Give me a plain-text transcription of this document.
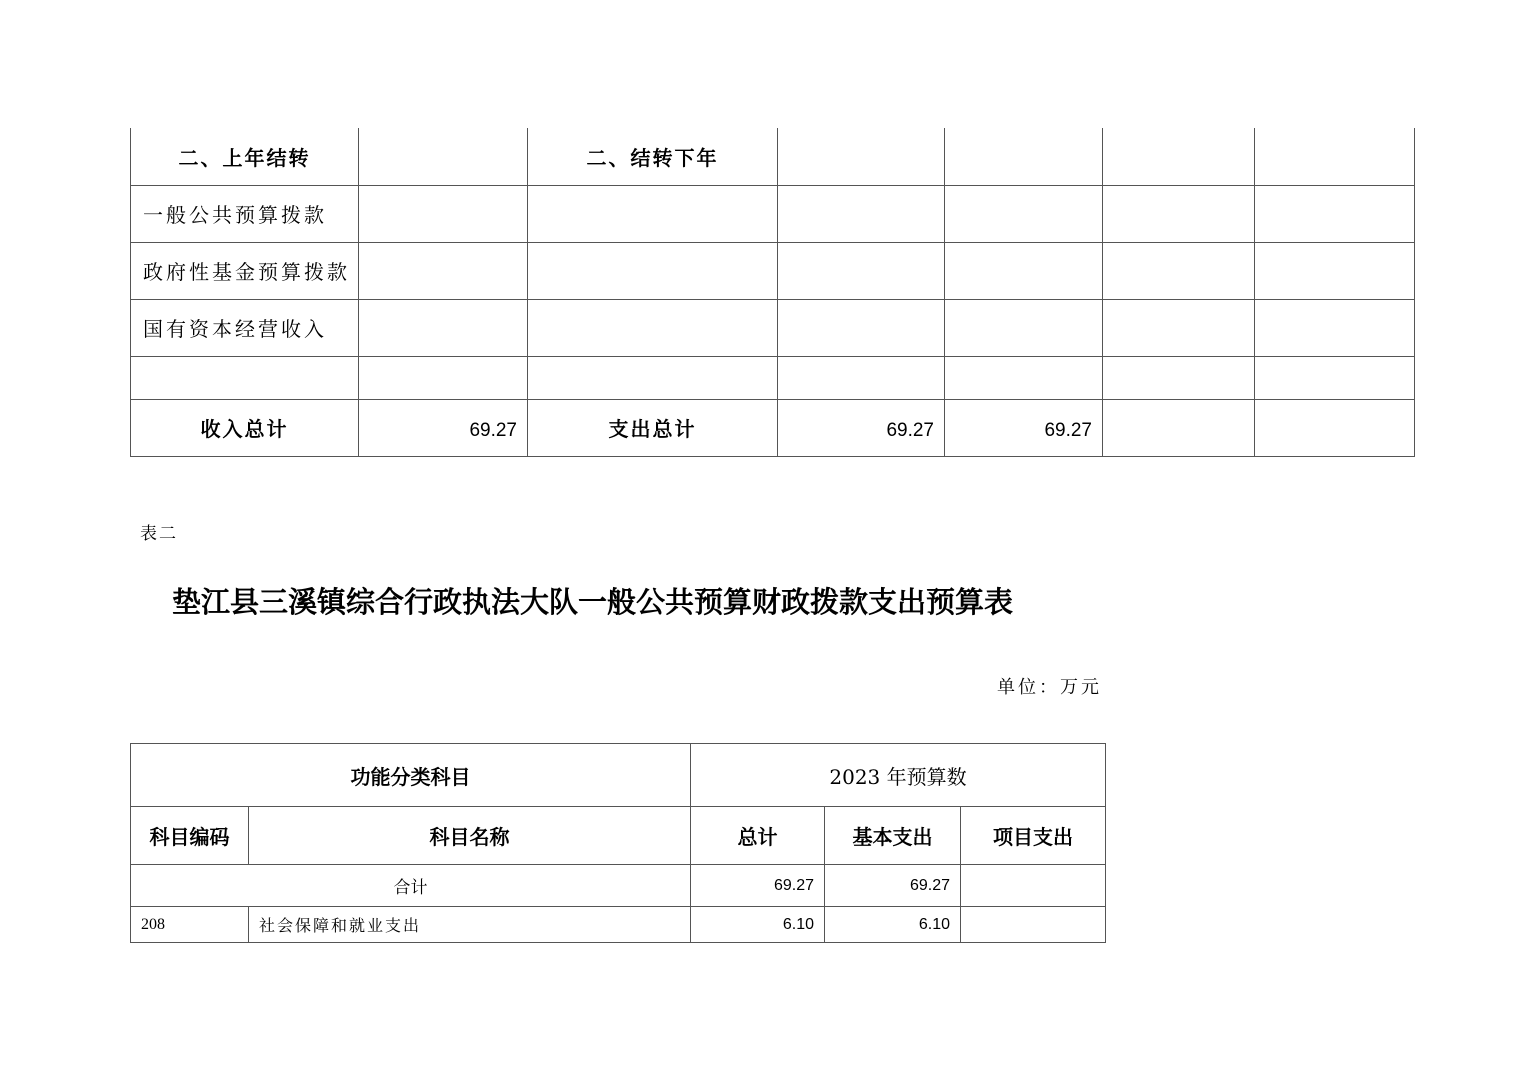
二、上年结转		二、结转下年				
一般公共预算拨款						
政府性基金预算拨款						
国有资本经营收入						

收入总计	69.27	支出总计	69.27	69.27		
表二
垫江县三溪镇综合行政执法大队一般公共预算财政拨款支出预算表
单位：万元
功能分类科目		2023 年预算数		
科目编码	科目名称	总计	基本支出	项目支出
合计		69.27	69.27	
208	社会保障和就业支出	6.10	6.10	
